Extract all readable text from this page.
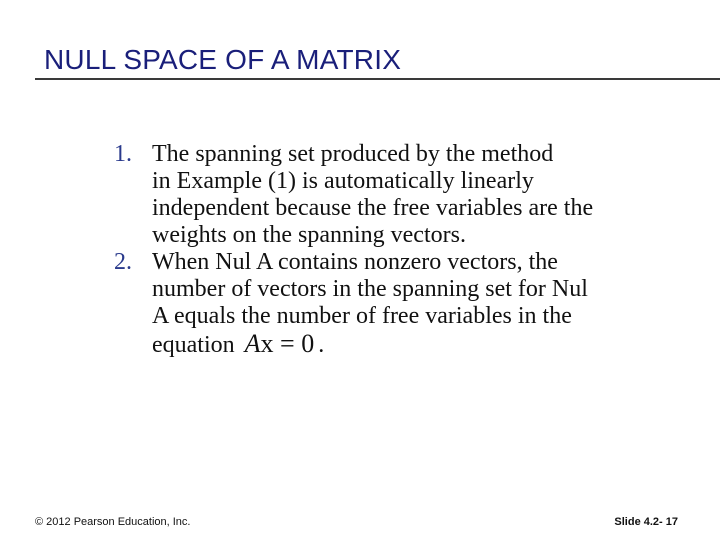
NULL SPACE OF A MATRIX
1. The spanning set produced by the method
in Example (1) is automatically linearly
independent because the free variables are the
weights on the spanning vectors.
2. When Nul A contains nonzero vectors, the
number of vectors in the spanning set for Nul
A equals the number of free variables in the
equation Ax = 0 .
© 2012 Pearson Education, Inc.	Slide 4.2- 17
